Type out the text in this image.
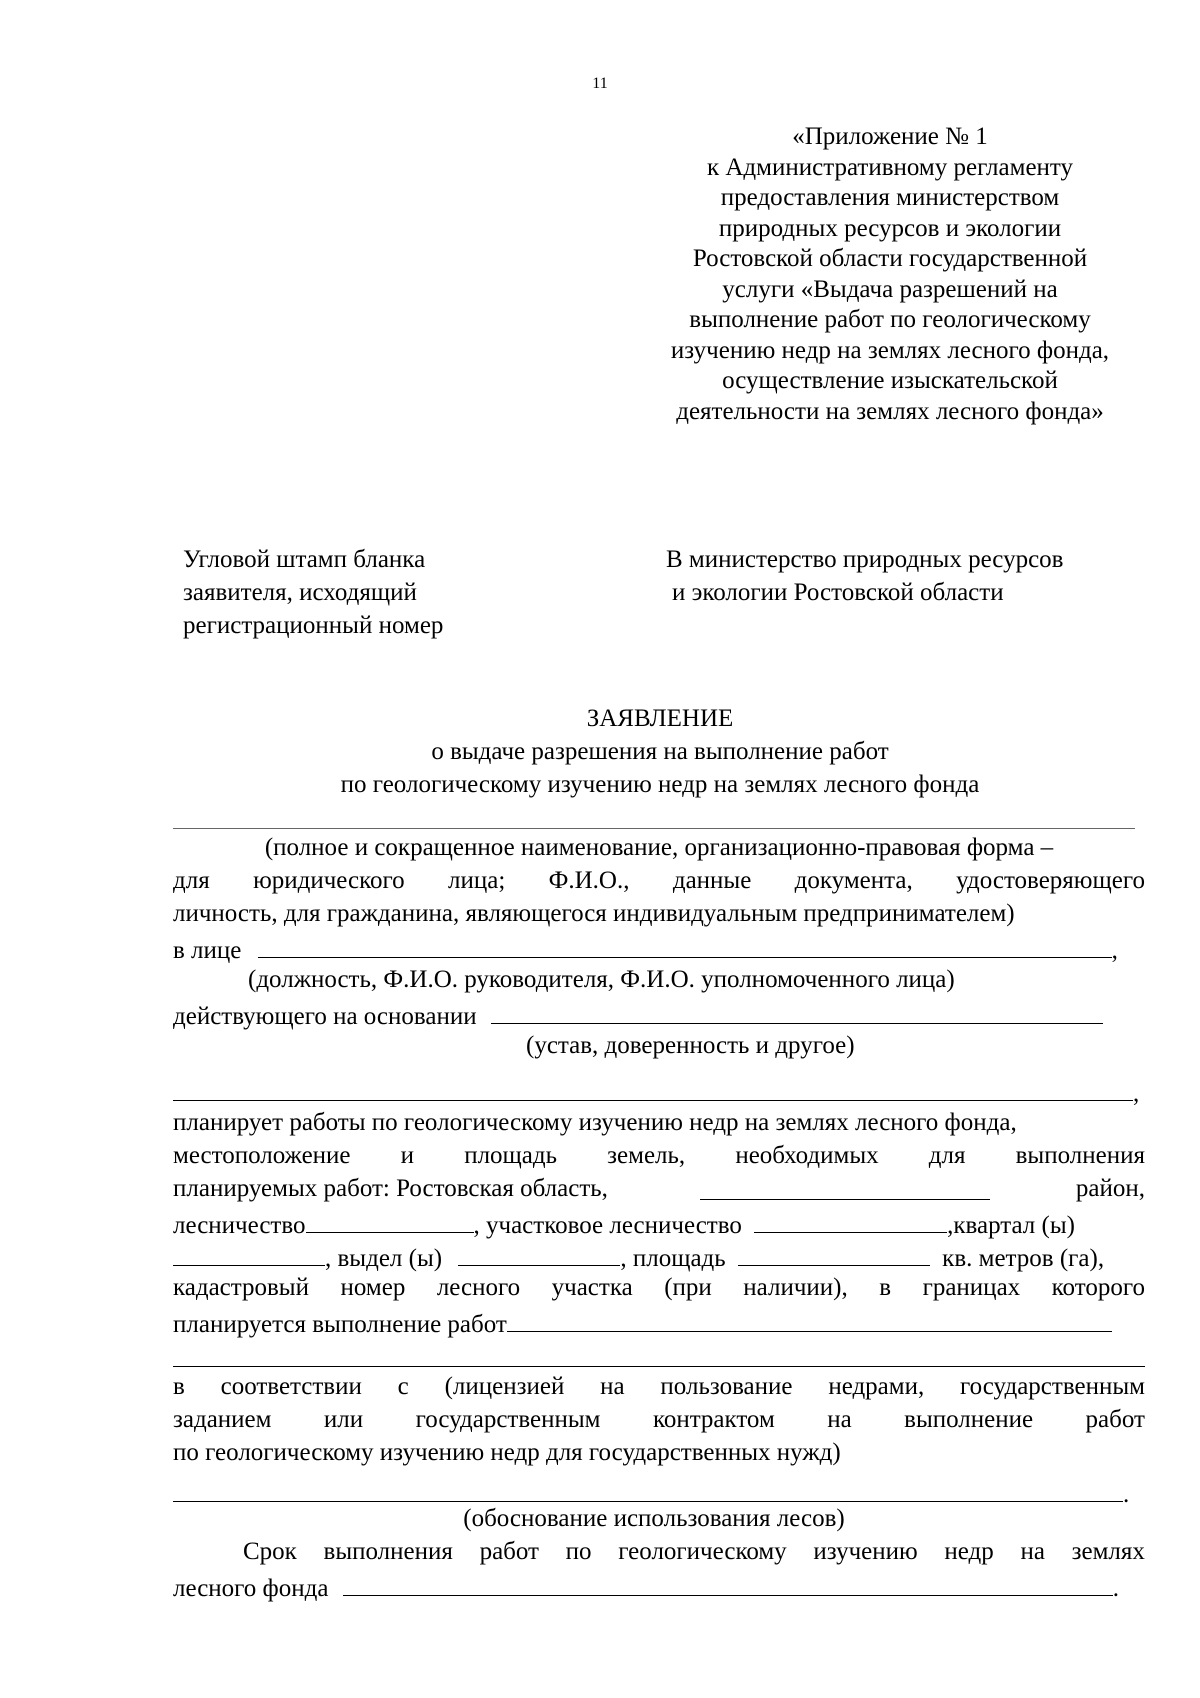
11
«Приложение № 1
к Административному регламенту
предоставления министерством
природных ресурсов и экологии
Ростовской области государственной
услуги «Выдача разрешений на
выполнение работ по геологическому
изучению недр на землях лесного фонда,
осуществление изыскательской
деятельности на землях лесного фонда»
Угловой штамп бланка
заявителя, исходящий
регистрационный номер
В министерство природных ресурсов
и экологии Ростовской области
ЗАЯВЛЕНИЕ
о выдаче разрешения на выполнение работ
по геологическому изучению недр на землях лесного фонда
(полное и сокращенное наименование, организационно-правовая форма –
для юридического лица; Ф.И.О., данные документа, удостоверяющего
личность, для гражданина, являющегося индивидуальным предпринимателем)
в лице	,
(должность, Ф.И.О. руководителя, Ф.И.О. уполномоченного лица)
действующего на основании
(устав, доверенность и другое)
,
планирует работы по геологическому изучению недр на землях лесного фонда,
местоположение и площадь земель, необходимых для выполнения
планируемых работ: Ростовская область,	район,
лесничество	, участковое лесничество	,квартал (ы)
, выдел (ы)	, площадь	кв. метров (га),
кадастровый номер лесного участка (при наличии), в границах которого
планируется выполнение работ
в соответствии с (лицензией на пользование недрами, государственным
заданием или государственным контрактом на выполнение работ
по геологическому изучению недр для государственных нужд)
.
(обоснование использования лесов)
Срок выполнения работ по геологическому изучению недр на землях
лесного фонда	.
